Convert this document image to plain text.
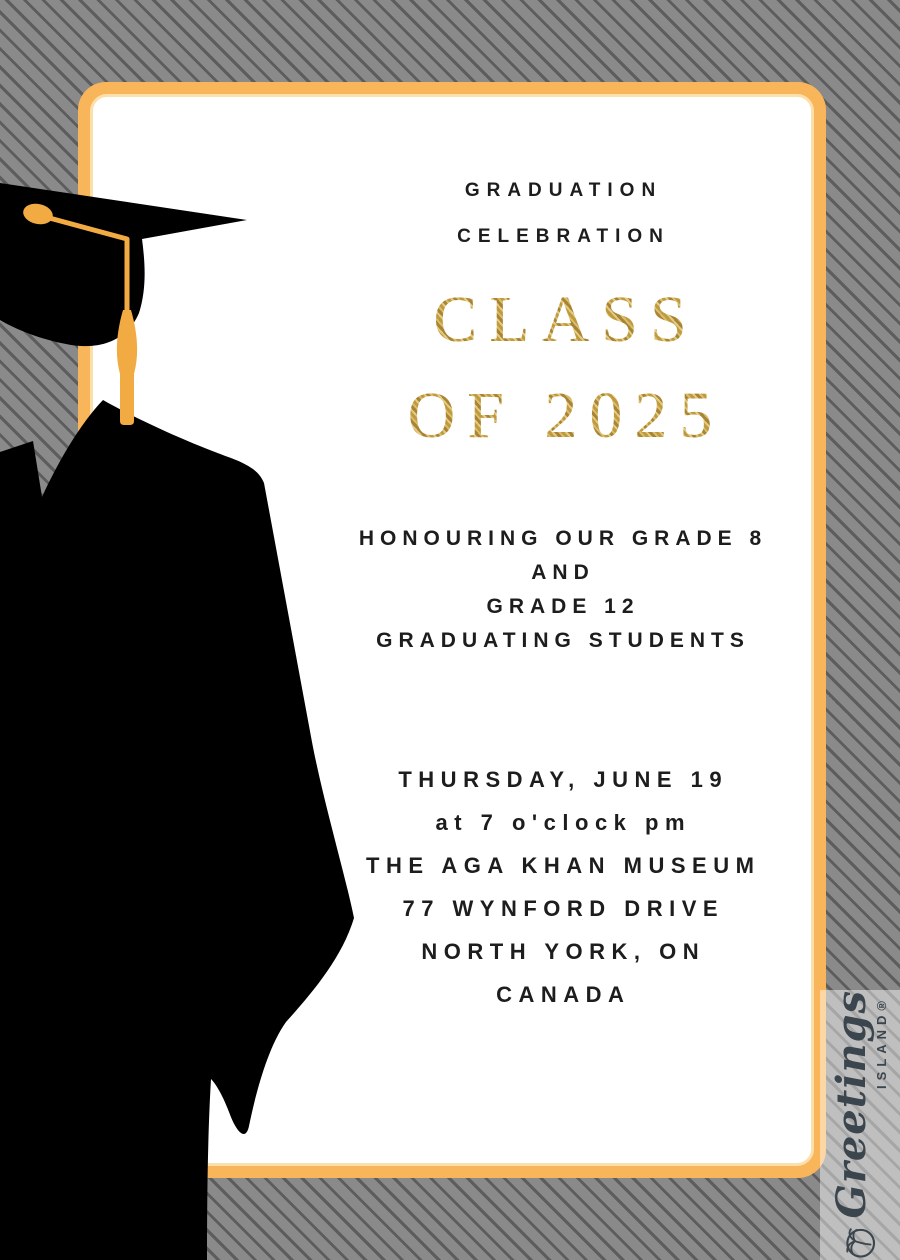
GRADUATION
CELEBRATION
CLASS
OF 2025
HONOURING OUR GRADE 8
AND
GRADE 12
GRADUATING STUDENTS
THURSDAY, JUNE 19
at 7 o'clock pm
THE AGA KHAN MUSEUM
77 WYNFORD DRIVE
NORTH YORK, ON
CANADA	Greetings ISLAND®
